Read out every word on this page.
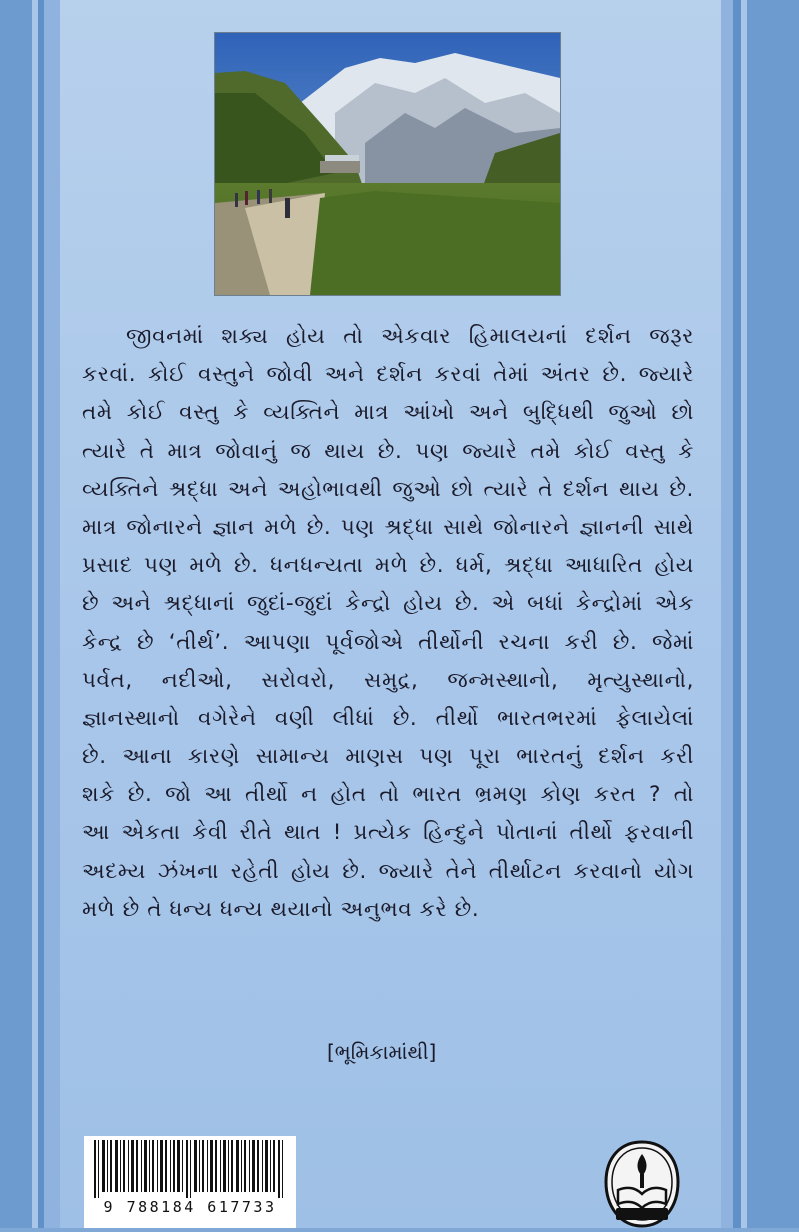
જીવનમાં શક્ય હોય તો એકવાર હિમાલયનાં દર્શન જરૂર
કરવાં. કોઈ વસ્તુને જોવી અને દર્શન કરવાં તેમાં અંતર છે. જ્યારે
તમે કોઈ વસ્તુ કે વ્યક્તિને માત્ર આંખો અને બુદ્ધિથી જુઓ છો
ત્યારે તે માત્ર જોવાનું જ થાય છે. પણ જ્યારે તમે કોઈ વસ્તુ કે
વ્યક્તિને શ્રદ્ધા અને અહોભાવથી જુઓ છો ત્યારે તે દર્શન થાય છે.
માત્ર જોનારને જ્ઞાન મળે છે. પણ શ્રદ્ધા સાથે જોનારને જ્ઞાનની સાથે
પ્રસાદ પણ મળે છે. ધનધન્યતા મળે છે. ધર્મ, શ્રદ્ધા આધારિત હોય
છે અને શ્રદ્ધાનાં જુદાં-જુદાં કેન્દ્રો હોય છે. એ બધાં કેન્દ્રોમાં એક
કેન્દ્ર છે ‘તીર્થ’. આપણા પૂર્વજોએ તીર્થોની રચના કરી છે. જેમાં
પર્વત, નદીઓ, સરોવરો, સમુદ્ર, જન્મસ્થાનો, મૃત્યુસ્થાનો,
જ્ઞાનસ્થાનો વગેરેને વણી લીધાં છે. તીર્થો ભારતભરમાં ફેલાયેલાં
છે. આના કારણે સામાન્ય માણસ પણ પૂરા ભારતનું દર્શન કરી
શકે છે. જો આ તીર્થો ન હોત તો ભારત ભ્રમણ કોણ કરત ? તો
આ એકતા કેવી રીતે થાત ! પ્રત્યેક હિન્દુને પોતાનાં તીર્થો ફરવાની
અદમ્ય ઝંખના રહેતી હોય છે. જ્યારે તેને તીર્થાટન કરવાનો યોગ
મળે છે તે ધન્ય ધન્ય થયાનો અનુભવ કરે છે.
[ભૂમિકામાંથી]
9 788184 617733
